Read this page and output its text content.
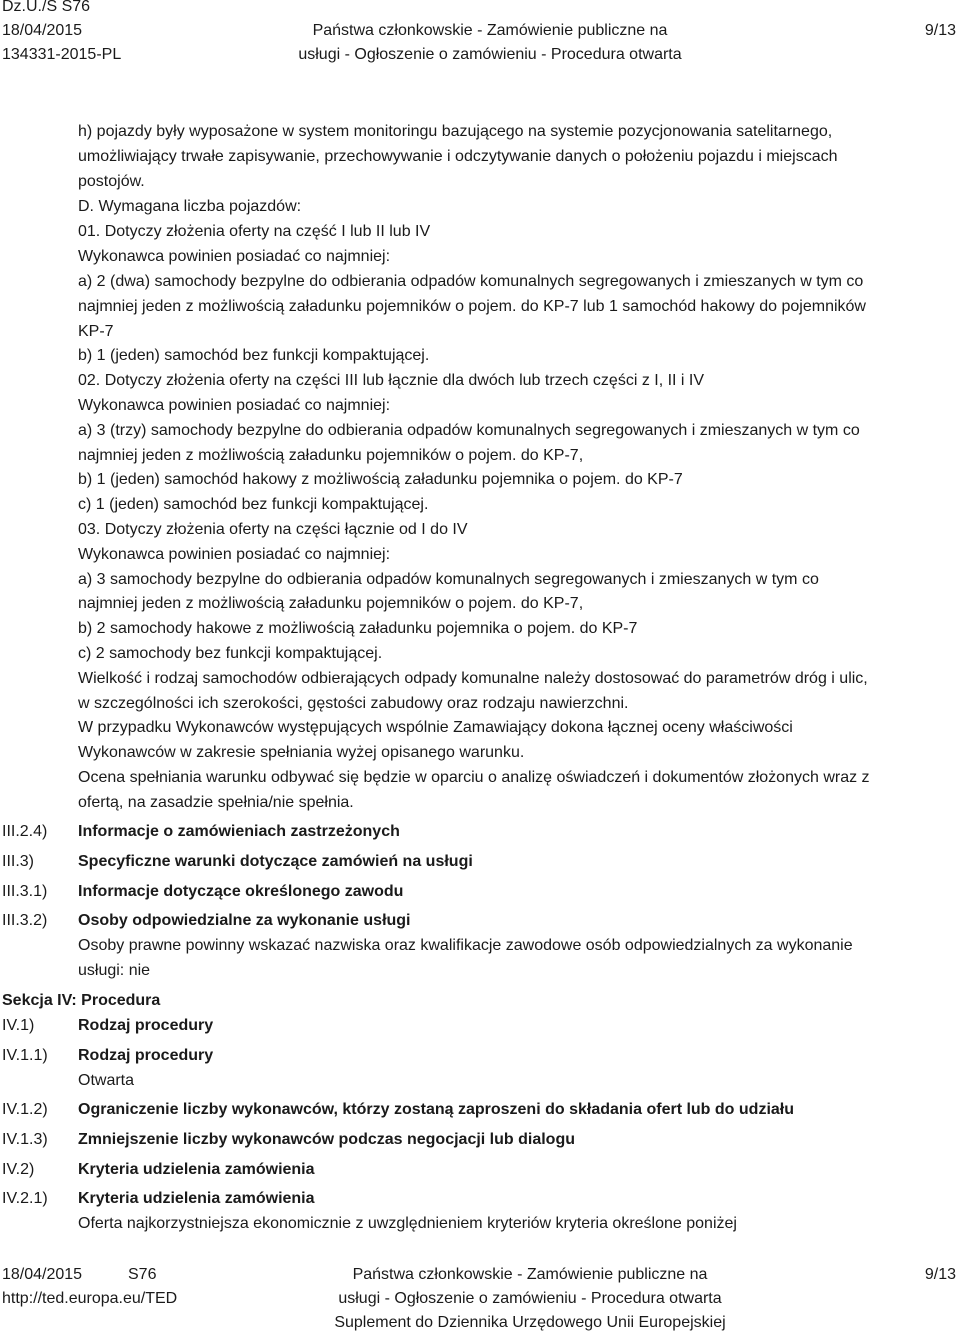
Dz.U./S S76
18/04/2015
134331-2015-PL
Państwa członkowskie - Zamówienie publiczne na
usługi - Ogłoszenie o zamówieniu - Procedura otwarta
9/13
h) pojazdy były wyposażone w system monitoringu bazującego na systemie pozycjonowania satelitarnego,
umożliwiający trwałe zapisywanie, przechowywanie i odczytywanie danych o położeniu pojazdu i miejscach
postojów.
D. Wymagana liczba pojazdów:
01. Dotyczy złożenia oferty na część I lub II lub IV
Wykonawca powinien posiadać co najmniej:
a) 2 (dwa) samochody bezpylne do odbierania odpadów komunalnych segregowanych i zmieszanych w tym co
najmniej jeden z możliwością załadunku pojemników o pojem. do KP-7 lub 1 samochód hakowy do pojemników
KP-7
b) 1 (jeden) samochód bez funkcji kompaktującej.
02. Dotyczy złożenia oferty na części III lub łącznie dla dwóch lub trzech części z I, II i IV
Wykonawca powinien posiadać co najmniej:
a) 3 (trzy) samochody bezpylne do odbierania odpadów komunalnych segregowanych i zmieszanych w tym co
najmniej jeden z możliwością załadunku pojemników o pojem. do KP-7,
b) 1 (jeden) samochód hakowy z możliwością załadunku pojemnika o pojem. do KP-7
c) 1 (jeden) samochód bez funkcji kompaktującej.
03. Dotyczy złożenia oferty na części łącznie od I do IV
Wykonawca powinien posiadać co najmniej:
a) 3 samochody bezpylne do odbierania odpadów komunalnych segregowanych i zmieszanych w tym co
najmniej jeden z możliwością załadunku pojemników o pojem. do KP-7,
b) 2 samochody hakowe z możliwością załadunku pojemnika o pojem. do KP-7
c) 2 samochody bez funkcji kompaktującej.
Wielkość i rodzaj samochodów odbierających odpady komunalne należy dostosować do parametrów dróg i ulic,
w szczególności ich szerokości, gęstości zabudowy oraz rodzaju nawierzchni.
W przypadku Wykonawców występujących wspólnie Zamawiający dokona łącznej oceny właściwości
Wykonawców w zakresie spełniania wyżej opisanego warunku.
Ocena spełniania warunku odbywać się będzie w oparciu o analizę oświadczeń i dokumentów złożonych wraz z
ofertą, na zasadzie spełnia/nie spełnia.
III.2.4) Informacje o zamówieniach zastrzeżonych
III.3)	Specyficzne warunki dotyczące zamówień na usługi
III.3.1) Informacje dotyczące określonego zawodu
III.3.2) Osoby odpowiedzialne za wykonanie usługi
Osoby prawne powinny wskazać nazwiska oraz kwalifikacje zawodowe osób odpowiedzialnych za wykonanie
usługi: nie
Sekcja IV: Procedura
IV.1)	Rodzaj procedury
IV.1.1) Rodzaj procedury
Otwarta
IV.1.2) Ograniczenie liczby wykonawców, którzy zostaną zaproszeni do składania ofert lub do udziału
IV.1.3) Zmniejszenie liczby wykonawców podczas negocjacji lub dialogu
IV.2)	Kryteria udzielenia zamówienia
IV.2.1) Kryteria udzielenia zamówienia
Oferta najkorzystniejsza ekonomicznie z uwzględnieniem kryteriów kryteria określone poniżej
18/04/2015	S76
http://ted.europa.eu/TED
Państwa członkowskie - Zamówienie publiczne na
usługi - Ogłoszenie o zamówieniu - Procedura otwarta
Suplement do Dziennika Urzędowego Unii Europejskiej
9/13
